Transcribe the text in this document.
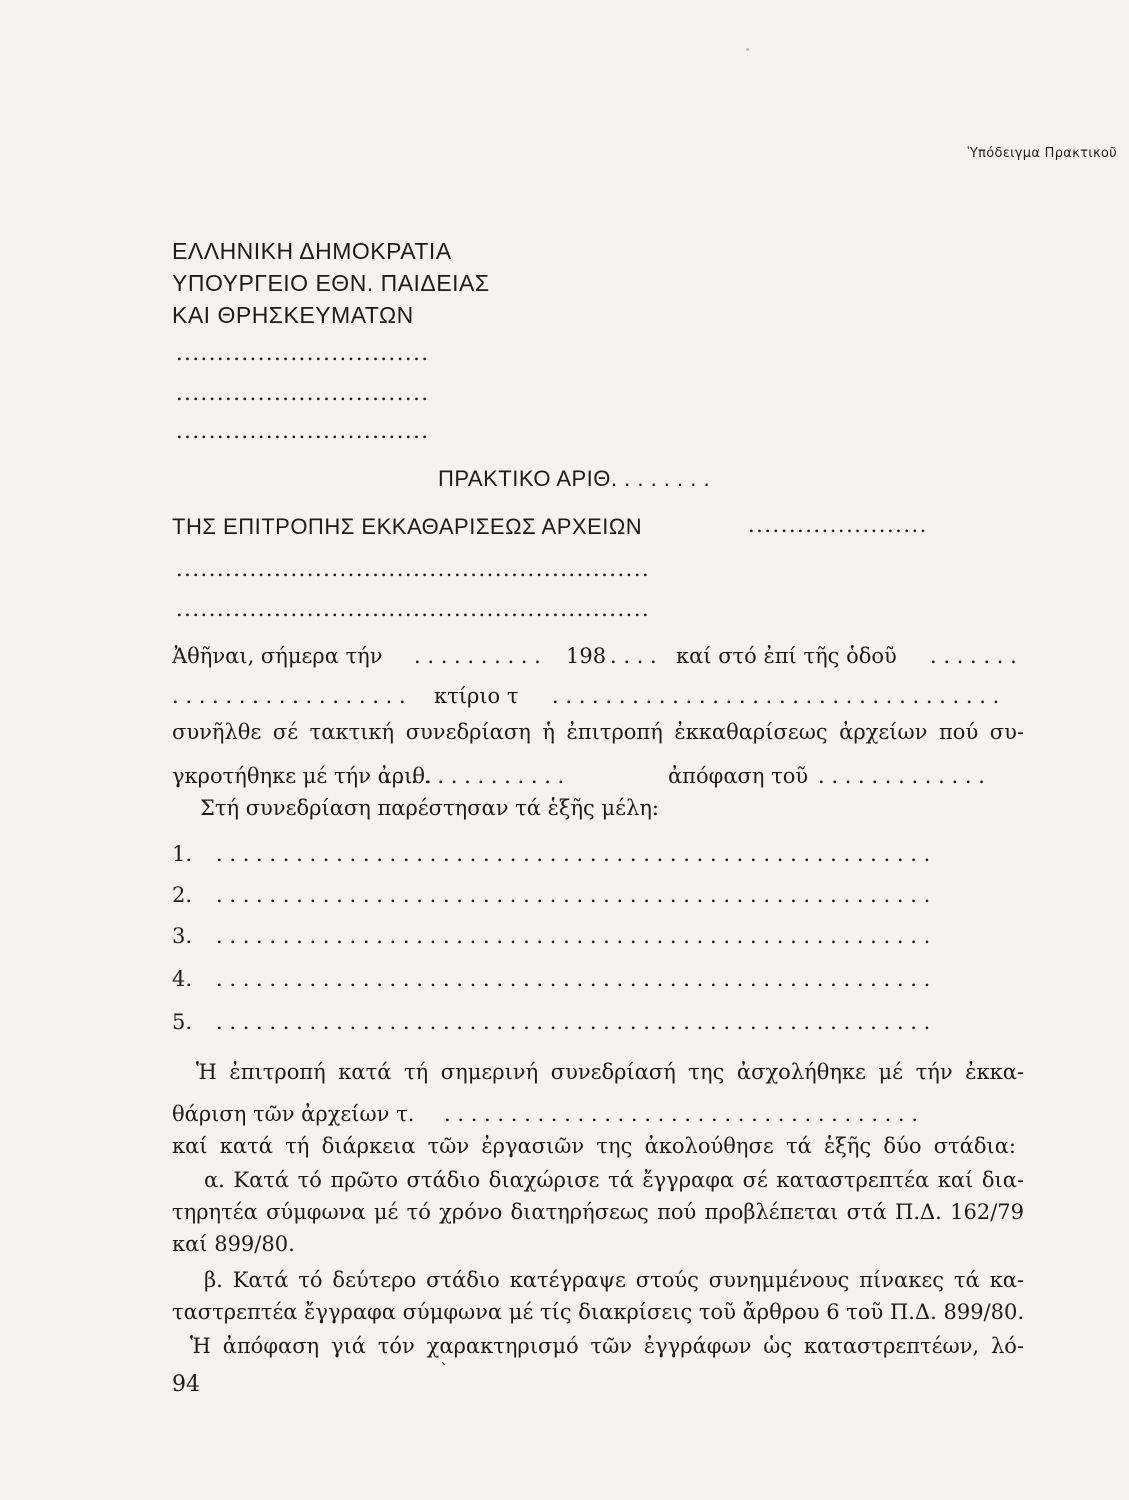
Ὑπόδειγμα Πρακτικοῦ
ΕΛΛΗΝΙΚΗ ΔΗΜΟΚΡΑΤΙΑ
ΥΠΟΥΡΓΕΙΟ ΕΘΝ. ΠΑΙΔΕΙΑΣ
ΚΑΙ ΘΡΗΣΚΕΥΜΑΤΩΝ
...............................
...............................
...............................
ΠΡΑΚΤΙΚΟ ΑΡΙΘ. . . . . . . .
ΤΗΣ ΕΠΙΤΡΟΠΗΣ ΕΚΚΑΘΑΡΙΣΕΩΣ ΑΡΧΕΙΩΝ	......................
..........................................................
..........................................................
Ἀθῆναι, σήμερα τήν . . . . . . . . . . 198 . . . . καί στό ἐπί τῆς ὁδοῦ . . . . . . .
. . . . . . . . . . . . . . . . . . κτίριο τ . . . . . . . . . . . . . . . . . . . . . . . . . . . . . . . . . .
συνῆλθε σέ τακτική συνεδρίαση ἡ ἐπιτροπή ἐκκαθαρίσεως ἀρχείων πού συ-
γκροτήθηκε μέ τήν ἀριθ.
. . . . . . . . . . . . . .	ἀπόφαση τοῦ . . . . . . . . . . . . .
Στή συνεδρίαση παρέστησαν τά ἑξῆς μέλη:
1. . . . . . . . . . . . . . . . . . . . . . . . . . . . . . . . . . . . . . . . . . . . . . . . . . . . . . .
2. . . . . . . . . . . . . . . . . . . . . . . . . . . . . . . . . . . . . . . . . . . . . . . . . . . . . . .
3. . . . . . . . . . . . . . . . . . . . . . . . . . . . . . . . . . . . . . . . . . . . . . . . . . . . . . .
4. . . . . . . . . . . . . . . . . . . . . . . . . . . . . . . . . . . . . . . . . . . . . . . . . . . . . . .
5. . . . . . . . . . . . . . . . . . . . . . . . . . . . . . . . . . . . . . . . . . . . . . . . . . . . . . .
Ἡ ἐπιτροπή κατά τή σημερινή συνεδρίασή της ἀσχολήθηκε μέ τήν ἐκκα-
θάριση τῶν ἀρχείων τ. . . . . . . . . . . . . . . . . . . . . . . . . . . . . . . . . . . . .
καί κατά τή διάρκεια τῶν ἐργασιῶν της ἀκολούθησε τά ἑξῆς δύο στάδια:
α. Κατά τό πρῶτο στάδιο διαχώρισε τά ἔγγραφα σέ καταστρεπτέα καί δια-
τηρητέα σύμφωνα μέ τό χρόνο διατηρήσεως πού προβλέπεται στά Π.Δ. 162/79
καί 899/80.
β. Κατά τό δεύτερο στάδιο κατέγραψε στούς συνημμένους πίνακες τά κα-
ταστρεπτέα ἔγγραφα σύμφωνα μέ τίς διακρίσεις τοῦ ἄρθρου 6 τοῦ Π.Δ. 899/80.
Ἡ ἀπόφαση γιά τόν χαρακτηρισμό τῶν ἐγγράφων ὡς καταστρεπτέων, λό-
ˋ
94
